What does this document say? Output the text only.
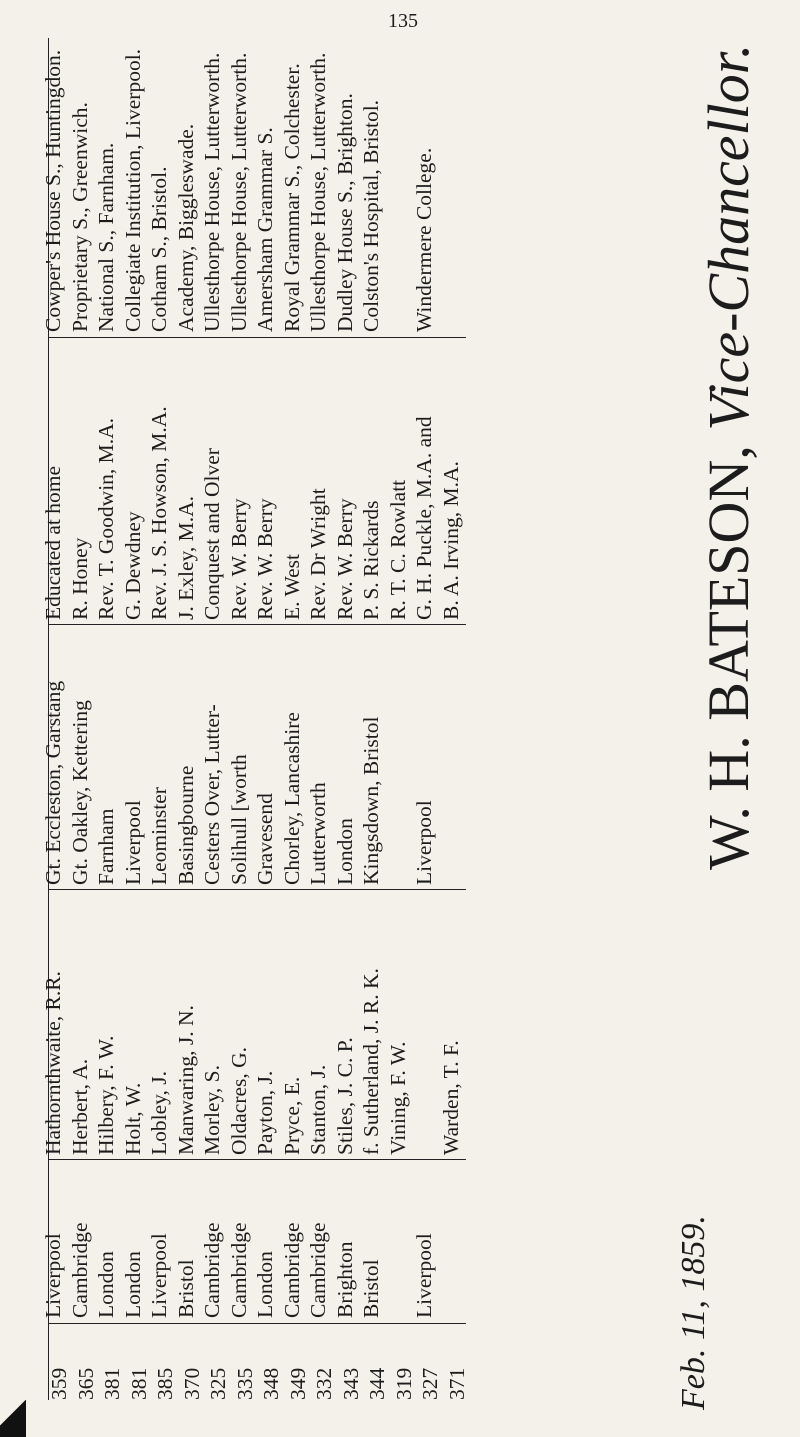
135
359 365 381 381 385 370 325 335 348 349 332 343 344 319 327 371
Liverpool Cambridge London London Liverpool Bristol Cambridge Cambridge London Cambridge Cambridge Brighton Bristol Liverpool
Hathornthwaite, R.R. Herbert, A. Hilbery, F. W. Holt, W. Lobley, J. Manwaring, J. N. Morley, S. Oldacres, G. Payton, J. Pryce, E. Stanton, J. Stiles, J. C. P. f. Sutherland, J. R. K. Vining, F. W. Warden, T. F.
Gt. Eccleston, Garstang Gt. Oakley, Kettering Farnham Liverpool Leominster Basingbourne Cesters Over, Lutter- Solihull [worth Gravesend Chorley, Lancashire Lutterworth London Kingsdown, Bristol Liverpool
Educated at home R. Honey Rev. T. Goodwin, M.A. G. Dewdney Rev. J. S. Howson, M.A. J. Exley, M.A. Conquest and Olver Rev. W. Berry Rev. W. Berry E. West Rev. Dr Wright Rev. W. Berry P. S. Rickards R. T. C. Rowlatt G. H. Puckle, M.A. and B. A. Irving, M.A.
Cowper's House S., Huntingdon. Proprietary S., Greenwich. National S., Farnham. Collegiate Institution, Liverpool. Cotham S., Bristol. Academy, Biggleswade. Ullesthorpe House, Lutterworth. Ullesthorpe House, Lutterworth. Amersham Grammar S. Royal Grammar S., Colchester. Ullesthorpe House, Lutterworth. Dudley House S., Brighton. Colston's Hospital, Bristol. Windermere College.
W. H. BATESON, Vice-Chancellor.
Feb. 11, 1859.
